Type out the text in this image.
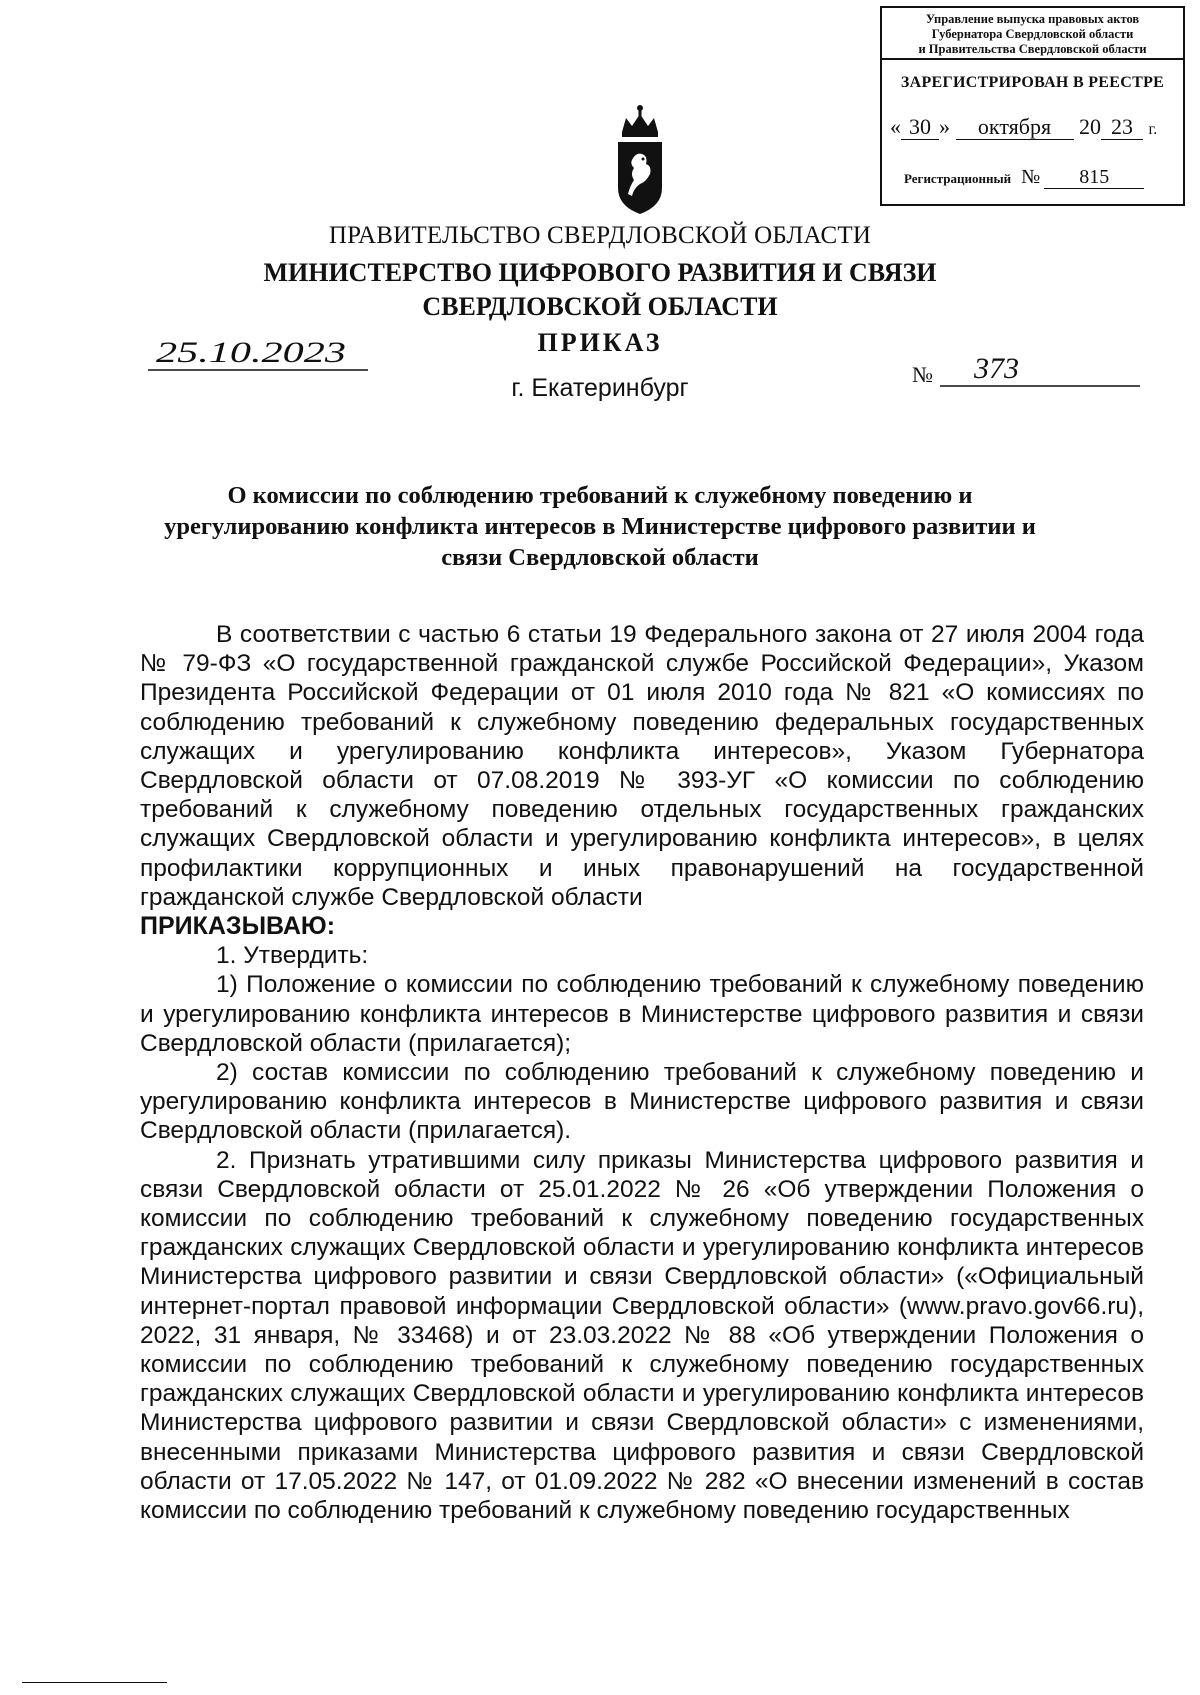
Управление выпуска правовых актов
Губернатора Свердловской области
и Правительства Свердловской области
ЗАРЕГИСТРИРОВАН В РЕЕСТРЕ
« 30 » октября 20 23 г.
Регистрационный № 815
ПРАВИТЕЛЬСТВО СВЕРДЛОВСКОЙ ОБЛАСТИ
МИНИСТЕРСТВО ЦИФРОВОГО РАЗВИТИЯ И СВЯЗИ
СВЕРДЛОВСКОЙ ОБЛАСТИ
ПРИКАЗ
г. Екатеринбург
25.10.2023
№ 373
О комиссии по соблюдению требований к служебному поведению и урегулированию конфликта интересов в Министерстве цифрового развитии и связи Свердловской области

В соответствии с частью 6 статьи 19 Федерального закона от 27 июля 2004 года № 79-ФЗ «О государственной гражданской службе Российской Федерации», Указом Президента Российской Федерации от 01 июля 2010 года № 821 «О комиссиях по соблюдению требований к служебному поведению федеральных государственных служащих и урегулированию конфликта интересов», Указом Губернатора Свердловской области от 07.08.2019 № 393-УГ «О комиссии по соблюдению требований к служебному поведению отдельных государственных гражданских служащих Свердловской области и урегулированию конфликта интересов», в целях профилактики коррупционных и иных правонарушений на государственной гражданской службе Свердловской области

ПРИКАЗЫВАЮ:

1. Утвердить:

1) Положение о комиссии по соблюдению требований к служебному поведению и урегулированию конфликта интересов в Министерстве цифрового развития и связи Свердловской области (прилагается);

2) состав комиссии по соблюдению требований к служебному поведению и урегулированию конфликта интересов в Министерстве цифрового развития и связи Свердловской области (прилагается).

2. Признать утратившими силу приказы Министерства цифрового развития и связи Свердловской области от 25.01.2022 № 26 «Об утверждении Положения о комиссии по соблюдению требований к служебному поведению государственных гражданских служащих Свердловской области и урегулированию конфликта интересов Министерства цифрового развитии и связи Свердловской области» («Официальный интернет-портал правовой информации Свердловской области» (www.pravo.gov66.ru), 2022, 31 января, № 33468) и от 23.03.2022 № 88 «Об утверждении Положения о комиссии по соблюдению требований к служебному поведению государственных гражданских служащих Свердловской области и урегулированию конфликта интересов Министерства цифрового развитии и связи Свердловской области» с изменениями, внесенными приказами Министерства цифрового развития и связи Свердловской области от 17.05.2022 № 147, от 01.09.2022 № 282 «О внесении изменений в состав комиссии по соблюдению требований к служебному поведению государственных
